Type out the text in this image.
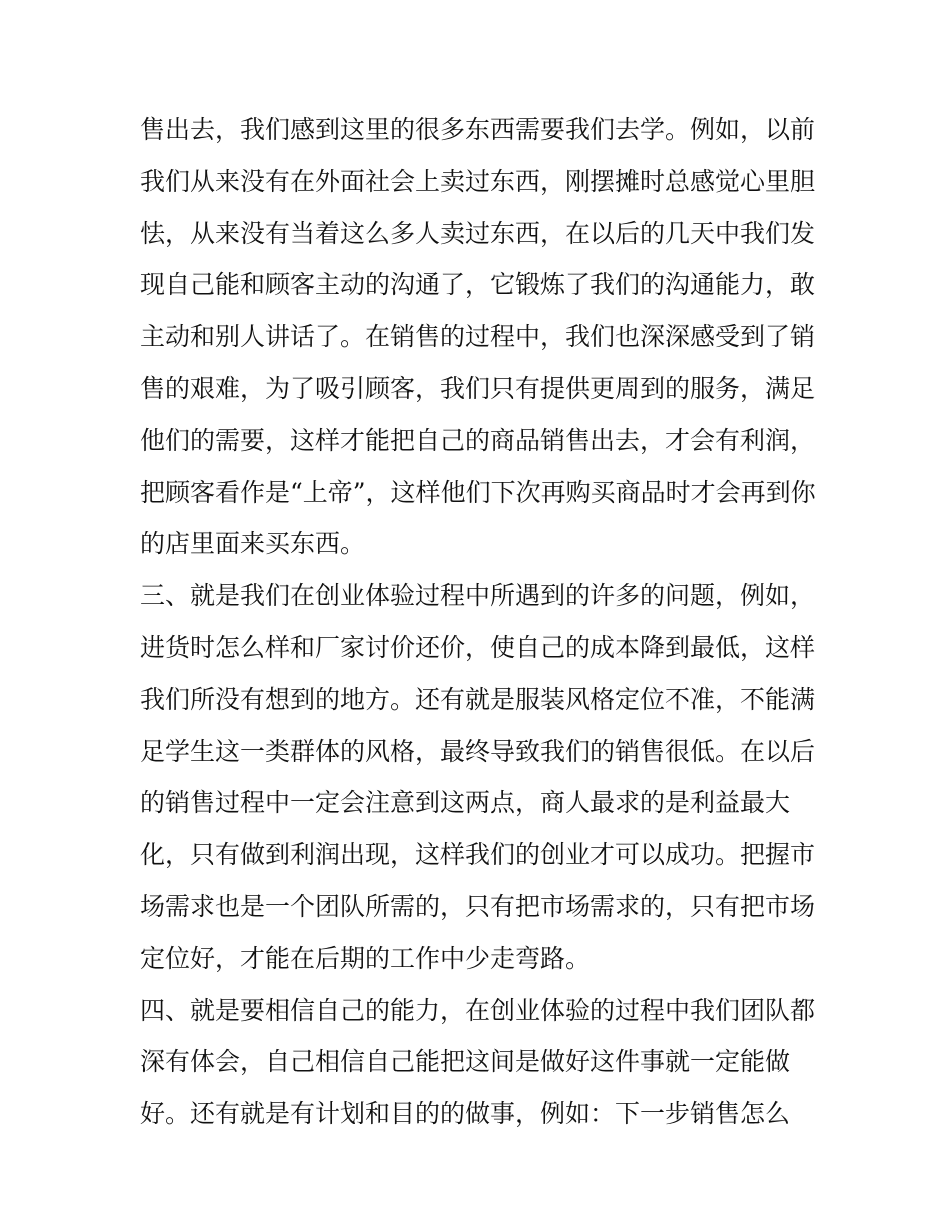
售出去，我们感到这里的很多东西需要我们去学。例如，以前
我们从来没有在外面社会上卖过东西，刚摆摊时总感觉心里胆
怯，从来没有当着这么多人卖过东西，在以后的几天中我们发
现自己能和顾客主动的沟通了，它锻炼了我们的沟通能力，敢
主动和别人讲话了。在销售的过程中，我们也深深感受到了销
售的艰难，为了吸引顾客，我们只有提供更周到的服务，满足
他们的需要，这样才能把自己的商品销售出去，才会有利润，
把顾客看作是“上帝”，这样他们下次再购买商品时才会再到你
的店里面来买东西。
三、就是我们在创业体验过程中所遇到的许多的问题，例如，
进货时怎么样和厂家讨价还价，使自己的成本降到最低，这样
我们所没有想到的地方。还有就是服装风格定位不准，不能满
足学生这一类群体的风格，最终导致我们的销售很低。在以后
的销售过程中一定会注意到这两点，商人最求的是利益最大
化，只有做到利润出现，这样我们的创业才可以成功。把握市
场需求也是一个团队所需的，只有把市场需求的，只有把市场
定位好，才能在后期的工作中少走弯路。
四、就是要相信自己的能力，在创业体验的过程中我们团队都
深有体会，自己相信自己能把这间是做好这件事就一定能做
好。还有就是有计划和目的的做事，例如：下一步销售怎么
